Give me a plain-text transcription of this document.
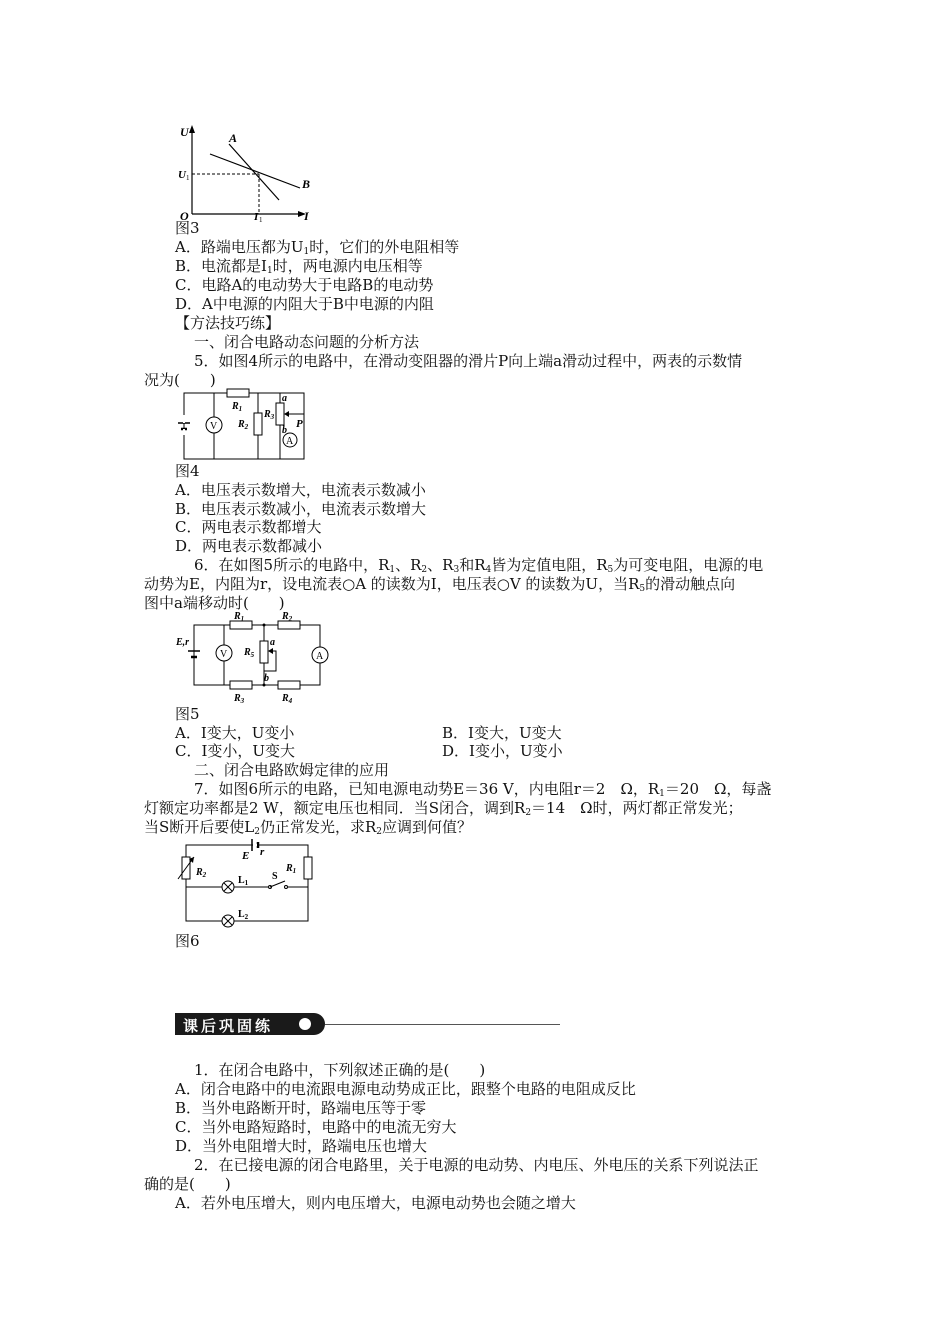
U
I
O
A
B
U 1
I 1
图3
A．路端电压都为$U_1$时，它们的外电阻相等
B．电流都是$I_1$时，两电源内电压相等
C．电路A的电动势大于电路B的电动势
D．A中电源的内阻大于B中电源的内阻
【方法技巧练】
一、闭合电路动态问题的分析方法
5．如图4所示的电路中，在滑动变阻器的滑片P向上端a滑动过程中，两表的示数情
况为(　　)
V
A
$R_1$
$R_2$
$R_3$
a
b
P
图4
A．电压表示数增大，电流表示数减小
B．电压表示数减小，电流表示数增大
C．两电表示数都增大
D．两电表示数都减小
6．在如图5所示的电路中，$R_1$、$R_2$、$R_3$和$R_4$皆为定值电阻，$R_5$为可变电阻，电源的电
动势为E，内阻为r，设电流表○A 的读数为I，电压表○V 的读数为U，当$R_5$的滑动触点向
图中a端移动时(　　)
E,r
V	A
$R_1$	$R_2$
$R_3$	$R_4$
$R_5$
a
b
图5
A．I变大，U变小	B．I变大，U变大
C．I变小，U变大	D．I变小，U变小
二、闭合电路欧姆定律的应用
7．如图6所示的电路，已知电源电动势E＝36 V，内电阻r＝2　Ω，$R_1=20$　Ω，每盏
灯额定功率都是2 W，额定电压也相同．当S闭合，调到$R_2=14$　Ω时，两灯都正常发光；
当S断开后要使$L_2$仍正常发光，求$R_2$应调到何值？
E r
$R_2$
$R_1$
$L_1$
S
$L_2$
图6
课后巩固练
1．在闭合电路中，下列叙述正确的是(　　)
A．闭合电路中的电流跟电源电动势成正比，跟整个电路的电阻成反比
B．当外电路断开时，路端电压等于零
C．当外电路短路时，电路中的电流无穷大
D．当外电阻增大时，路端电压也增大
2．在已接电源的闭合电路里，关于电源的电动势、内电压、外电压的关系下列说法正
确的是(　　)
A．若外电压增大，则内电压增大，电源电动势也会随之增大
